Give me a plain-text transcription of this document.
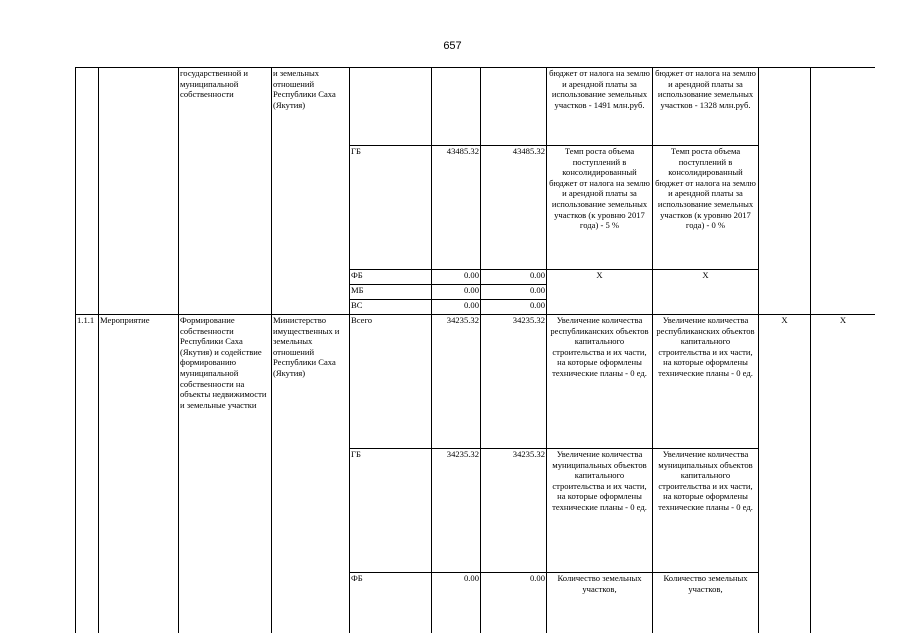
657
		государственной и муниципальной собственности	и земельных отношений Республики Саха (Якутия)				бюджет от налога на землю и арендной платы за использование земельных участков - 1491 млн.руб.	бюджет от налога на землю и арендной платы за использование земельных участков - 1328 млн.руб.		
				ГБ	43485.32	43485.32	Темп роста объема поступлений в консолидированный бюджет от налога на землю и арендной платы за использование земельных участков (к уровню 2017 года) - 5 %	Темп роста объема поступлений в консолидированный бюджет от налога на землю и арендной платы за использование земельных участков (к уровню 2017 года) - 0 %		
				ФБ	0.00	0.00	Х	Х		
				МБ	0.00	0.00				
				ВС	0.00	0.00				
1.1.1	Мероприятие	Формирование собственности Республики Саха (Якутия) и содействие формированию муниципальной собственности на объекты недвижимости и земельные участки	Министерство имущественных и земельных отношений Республики Саха (Якутия)	Всего	34235.32	34235.32	Увеличение количества республиканских объектов капитального строительства и их части, на которые оформлены технические планы - 0 ед.	Увеличение количества республиканских объектов капитального строительства и их части, на которые оформлены технические планы - 0 ед.	Х	Х
				ГБ	34235.32	34235.32	Увеличение количества муниципальных объектов капитального строительства и их части, на которые оформлены технические планы - 0 ед.	Увеличение количества муниципальных объектов капитального строительства и их части, на которые оформлены технические планы - 0 ед.		
				ФБ	0.00	0.00	Количество земельных участков,	Количество земельных участков,		
